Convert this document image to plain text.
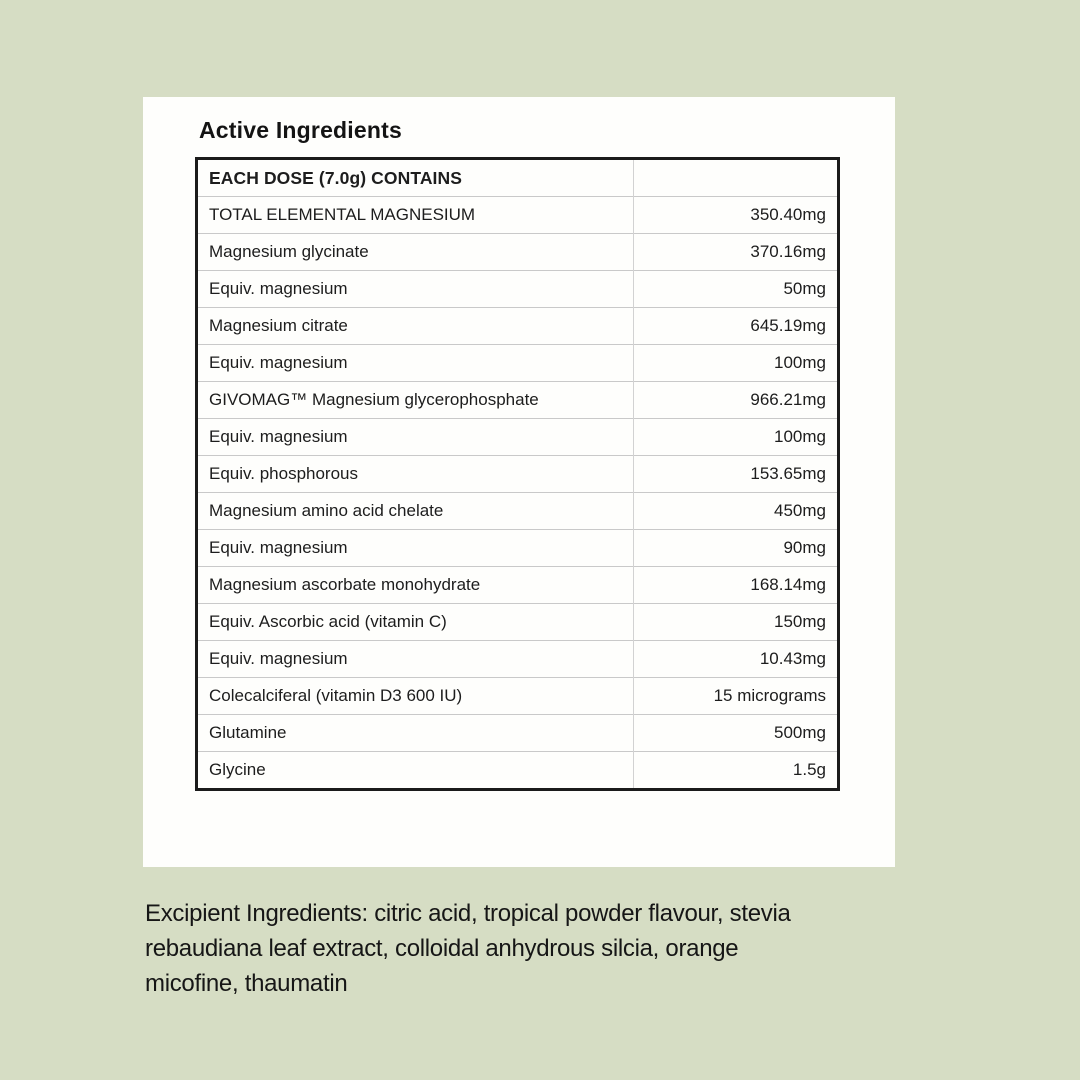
Active Ingredients
EACH DOSE (7.0g) CONTAINS	
TOTAL ELEMENTAL MAGNESIUM	350.40mg
Magnesium glycinate	370.16mg
Equiv. magnesium	50mg
Magnesium citrate	645.19mg
Equiv. magnesium	100mg
GIVOMAG™ Magnesium glycerophosphate	966.21mg
Equiv. magnesium	100mg
Equiv. phosphorous	153.65mg
Magnesium amino acid chelate	450mg
Equiv. magnesium	90mg
Magnesium ascorbate monohydrate	168.14mg
Equiv. Ascorbic acid (vitamin C)	150mg
Equiv. magnesium	10.43mg
Colecalciferal (vitamin D3 600 IU)	15 micrograms
Glutamine	500mg
Glycine	1.5g
Excipient Ingredients: citric acid, tropical powder flavour, stevia
rebaudiana leaf extract, colloidal anhydrous silcia, orange
micofine, thaumatin
